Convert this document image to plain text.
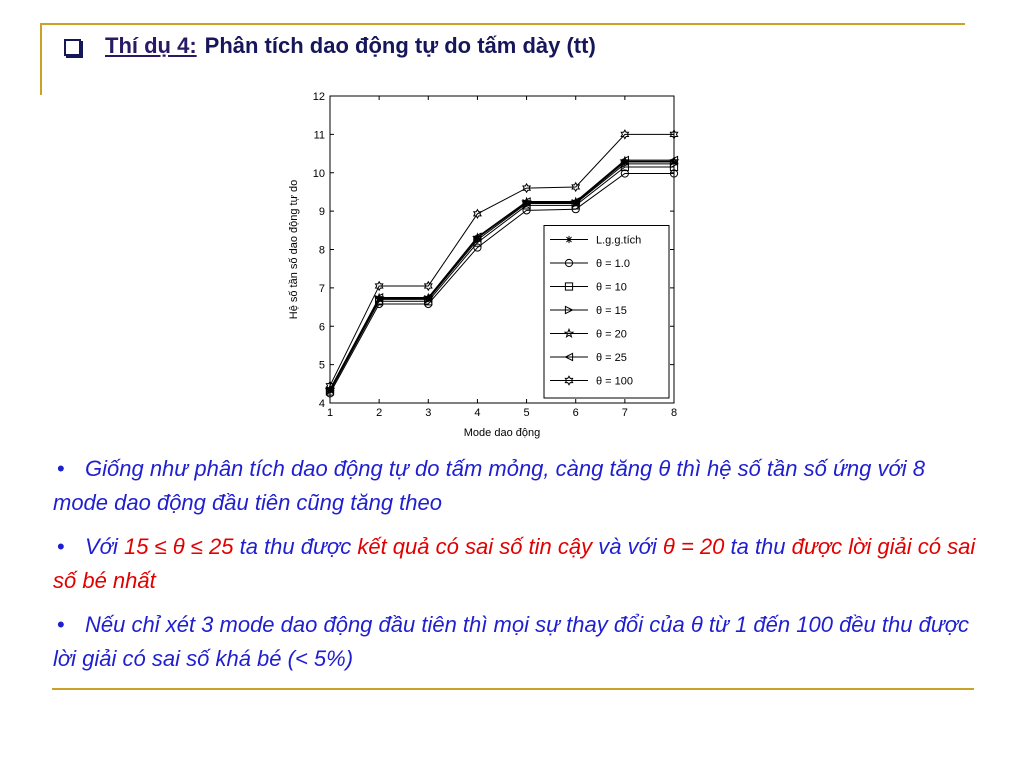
Thí dụ 4: Phân tích dao động tự do tấm dày (tt)
1	2	3	4	5	6	7	8
4
5
6
7
8
9
10
11
12
Mode dao động
Hệ số tần số dao động tự do	L.g.g.tích
θ = 1.0
θ = 10
θ = 15
θ = 20
θ = 25
θ = 100

• Giống như phân tích dao động tự do tấm mỏng, càng tăng θ thì hệ số tần số ứng với 8 mode dao động đầu tiên cũng tăng theo

• Với 15 ≤ θ ≤ 25 ta thu được kết quả có sai số tin cậy và với θ = 20 ta thu được lời giải có sai số bé nhất

• Nếu chỉ xét 3 mode dao động đầu tiên thì mọi sự thay đổi của θ từ 1 đến 100 đều thu được lời giải có sai số khá bé (< 5%)
